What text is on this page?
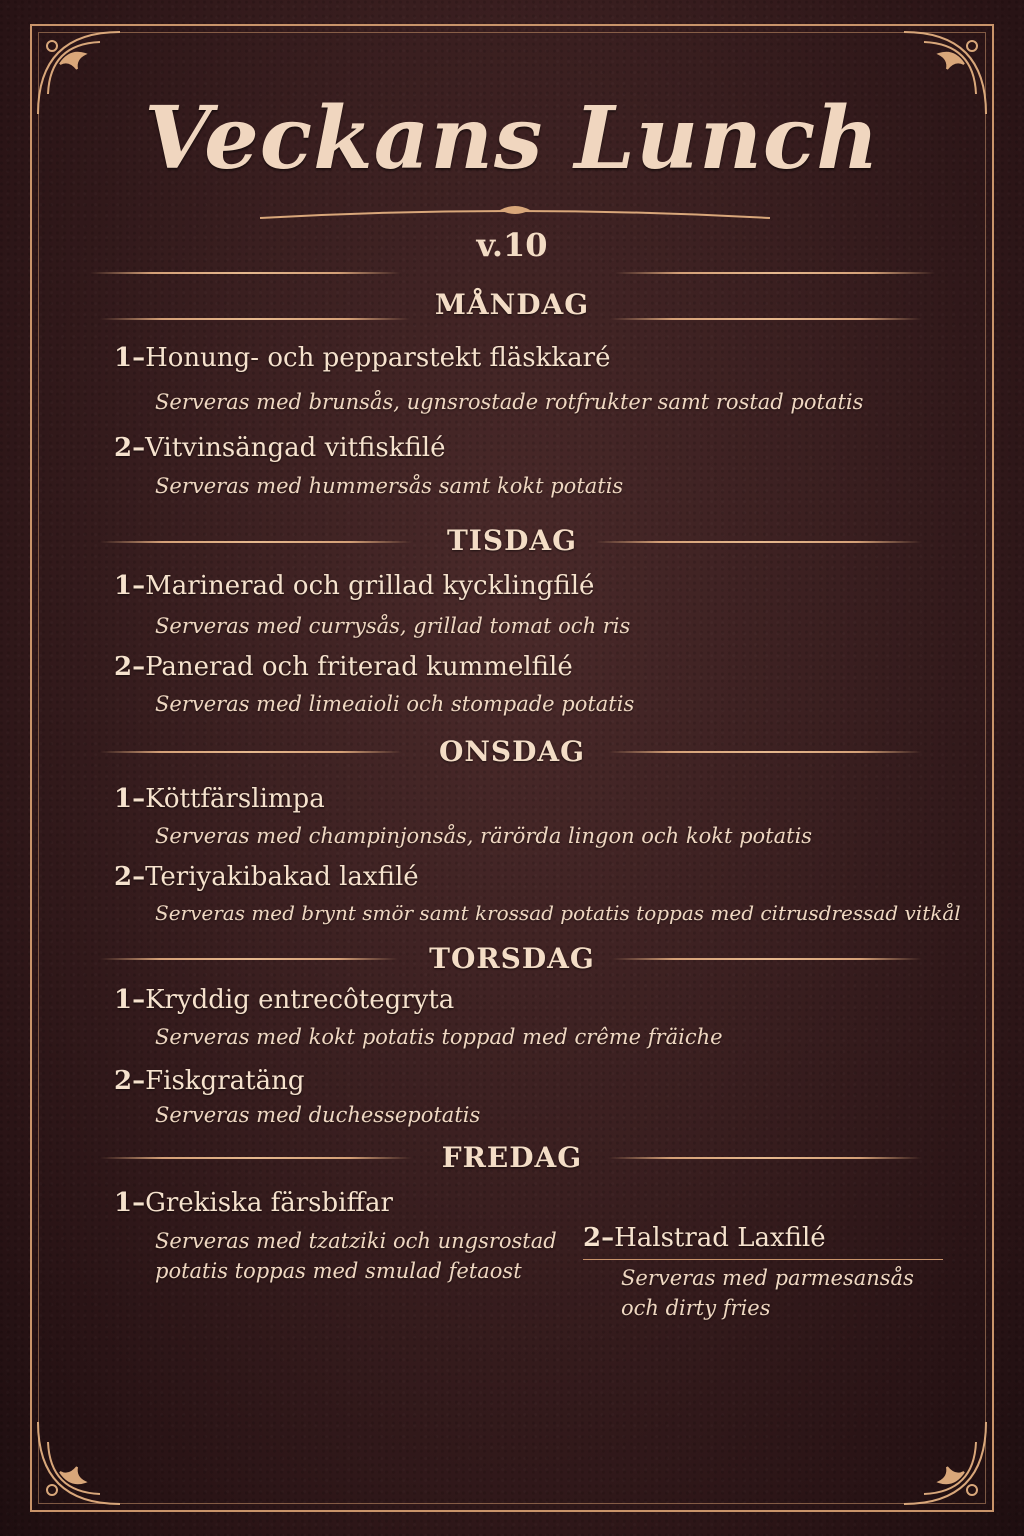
Veckans Lunch
v.10
MÅNDAG
1–Honung- och pepparstekt fläskkaré
Serveras med brunsås, ugnsrostade rotfrukter samt rostad potatis
2–Vitvinsängad vitfiskfilé
Serveras med hummersås samt kokt potatis
TISDAG
1–Marinerad och grillad kycklingfilé
Serveras med currysås, grillad tomat och ris
2–Panerad och friterad kummelfilé
Serveras med limeaioli och stompade potatis
ONSDAG
1–Köttfärslimpa
Serveras med champinjonsås, rärörda lingon och kokt potatis
2–Teriyakibakad laxfilé
Serveras med brynt smör samt krossad potatis toppas med citrusdressad vitkål
TORSDAG
1–Kryddig entrecôtegryta
Serveras med kokt potatis toppad med crême fräiche
2–Fiskgratäng
Serveras med duchessepotatis
FREDAG
1–Grekiska färsbiffar
Serveras med tzatziki och ungsrostad
potatis toppas med smulad fetaost
2–Halstrad Laxfilé
Serveras med parmesansås
och dirty fries
